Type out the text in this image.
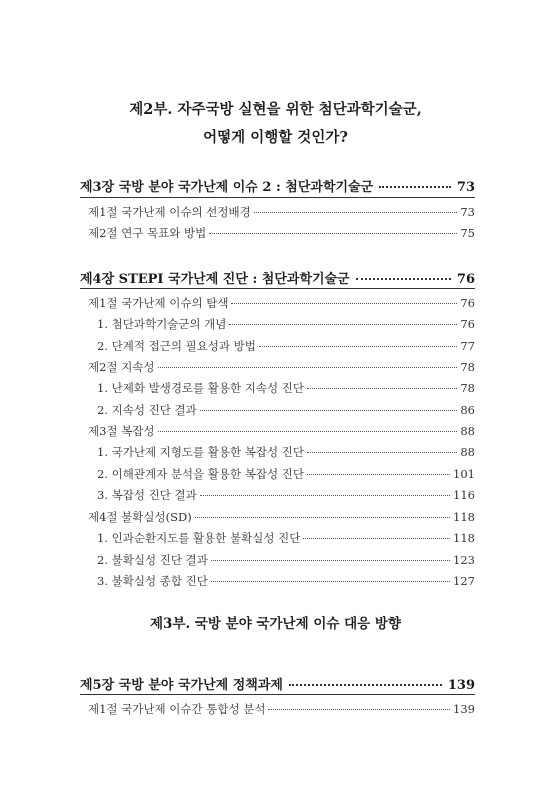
제2부. 자주국방 실현을 위한 첨단과학기술군,
어떻게 이행할 것인가?
제3장 국방 분야 국가난제 이슈 2 : 첨단과학기술군	73
제1절 국가난제 이슈의 선정배경	73
제2절 연구 목표와 방법	75
제4장 STEPI 국가난제 진단 : 첨단과학기술군	76
제1절 국가난제 이슈의 탐색	76
1. 첨단과학기술군의 개념	76
2. 단계적 접근의 필요성과 방법	77
제2절 지속성	78
1. 난제화 발생경로를 활용한 지속성 진단	78
2. 지속성 진단 결과	86
제3절 복잡성	88
1. 국가난제 지형도를 활용한 복잡성 진단	88
2. 이해관계자 분석을 활용한 복잡성 진단	101
3. 복잡성 진단 결과	116
제4절 불확실성(SD)	118
1. 인과순환지도를 활용한 불확실성 진단	118
2. 불확실성 진단 결과	123
3. 불확실성 종합 진단	127
제3부. 국방 분야 국가난제 이슈 대응 방향
제5장 국방 분야 국가난제 정책과제	139
제1절 국가난제 이슈간 통합성 분석	139
